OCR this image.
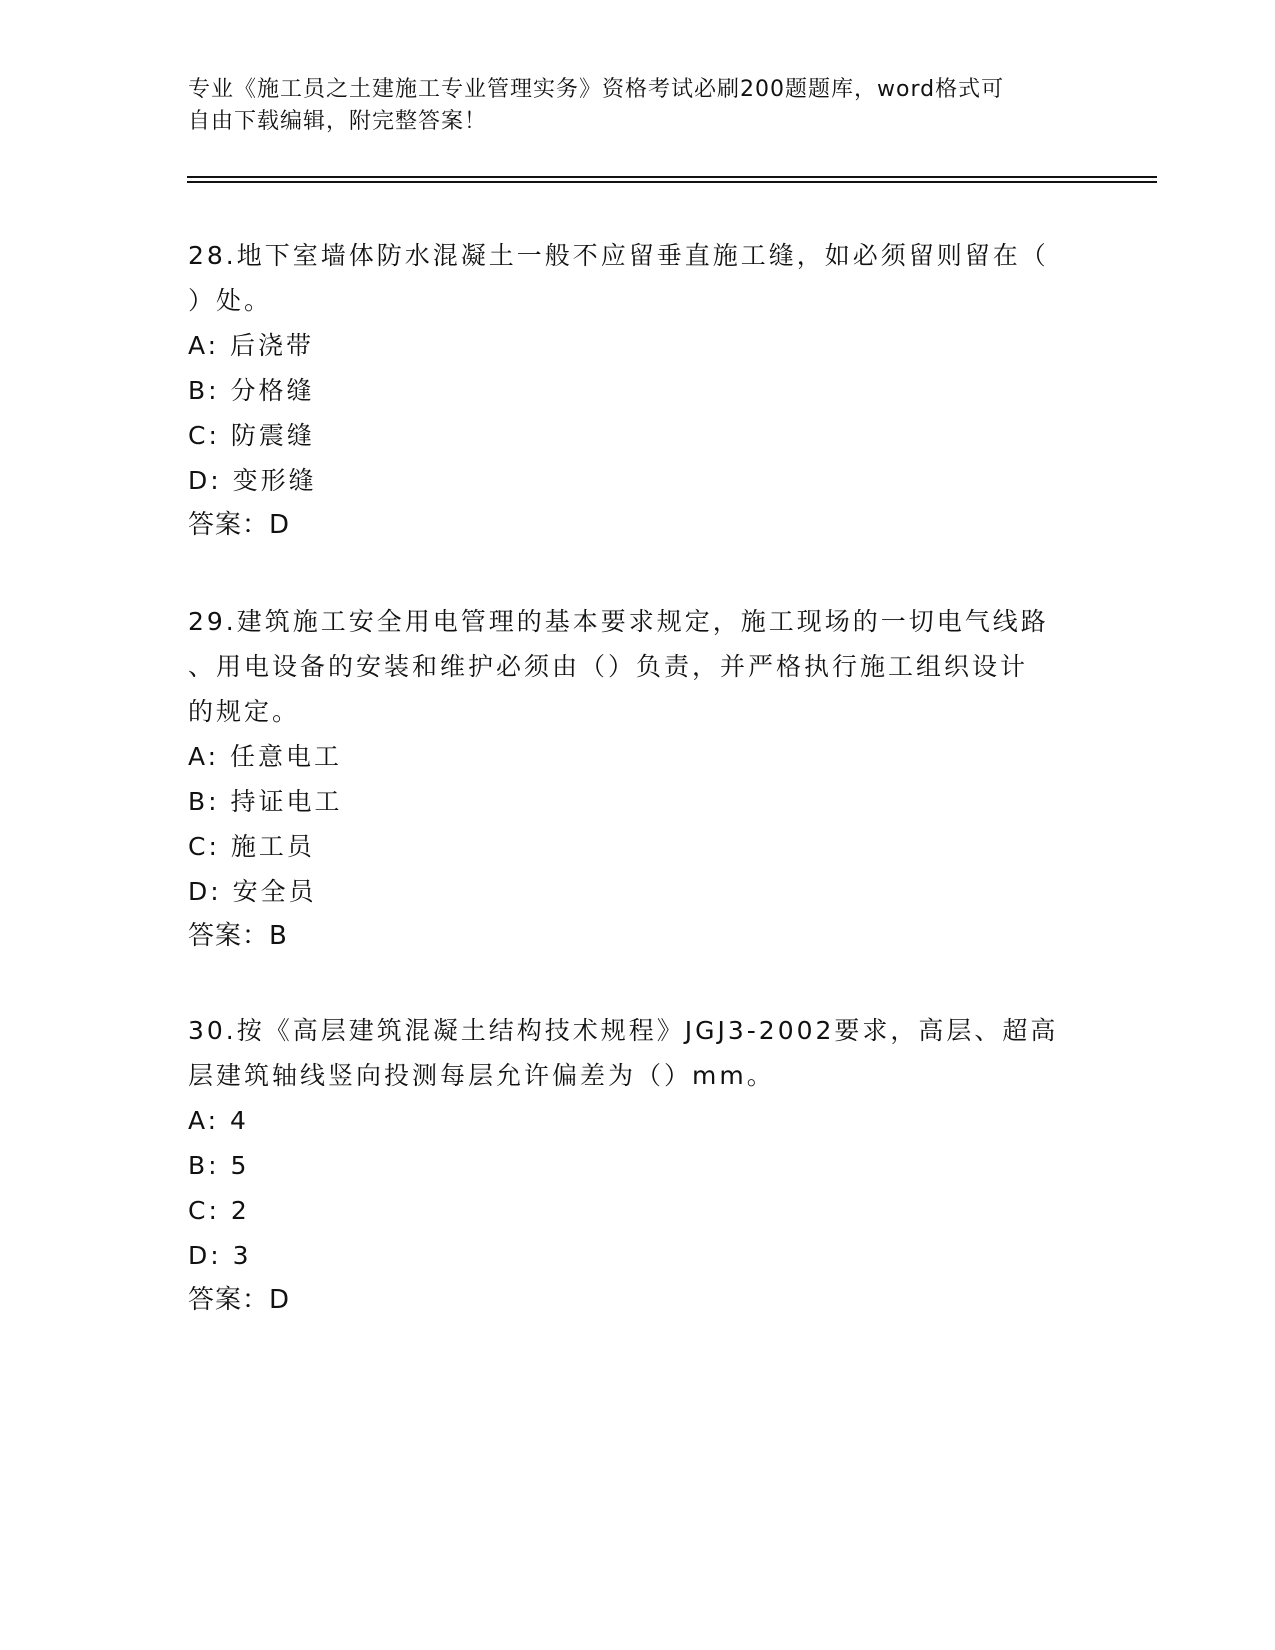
专业《施工员之土建施工专业管理实务》资格考试必刷200题题库，word格式可
自由下载编辑，附完整答案！

28.地下室墙体防水混凝土一般不应留垂直施工缝，如必须留则留在（

）处。

A: 后浇带

B: 分格缝

C: 防震缝

D: 变形缝

答案：D

29.建筑施工安全用电管理的基本要求规定，施工现场的一切电气线路

、用电设备的安装和维护必须由（）负责，并严格执行施工组织设计

的规定。

A: 任意电工

B: 持证电工

C: 施工员

D: 安全员

答案：B

30.按《高层建筑混凝土结构技术规程》JGJ3-2002要求，高层、超高

层建筑轴线竖向投测每层允许偏差为（）mm。

A: 4

B: 5

C: 2

D: 3

答案：D
